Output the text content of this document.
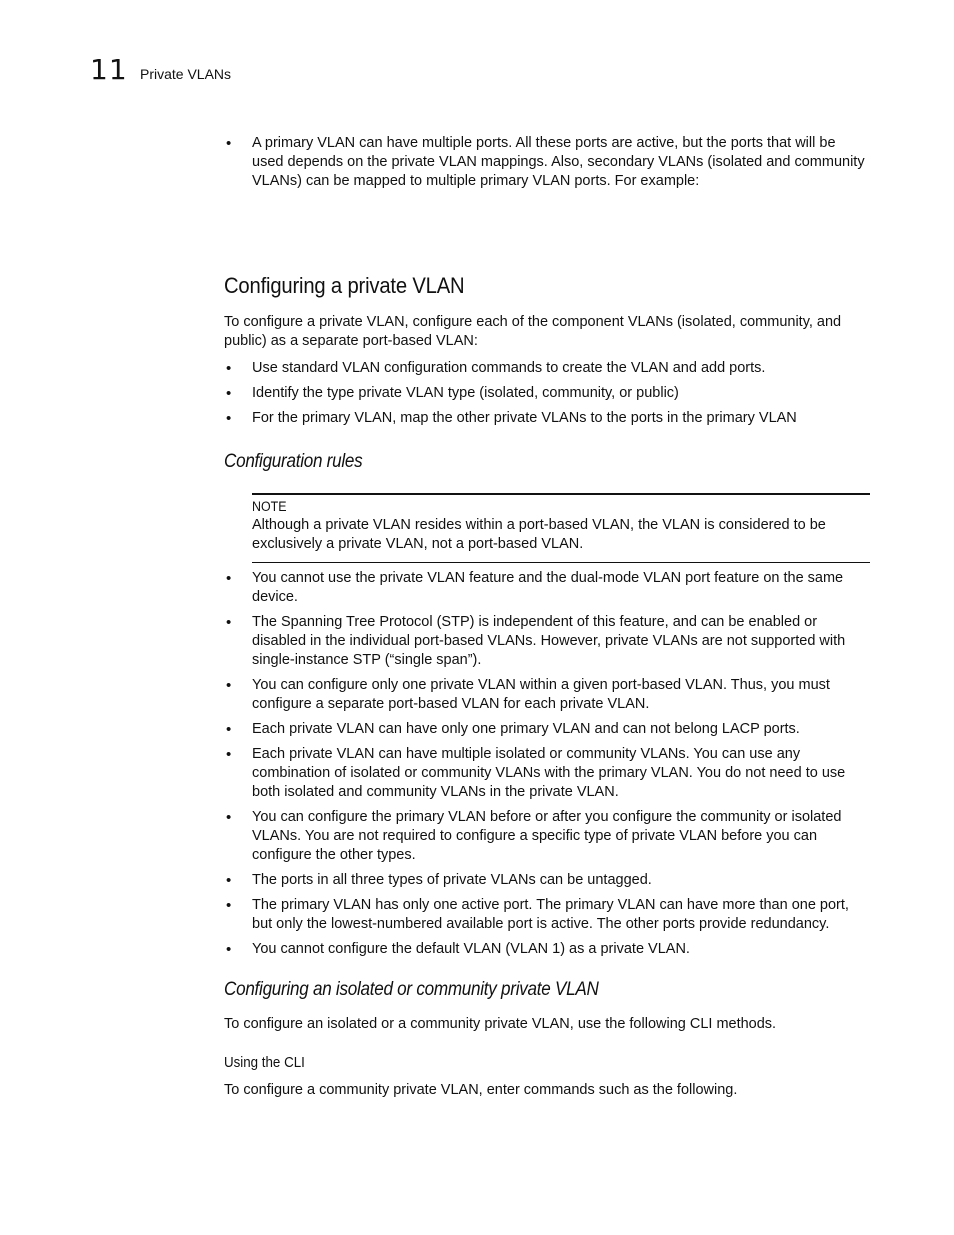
11 Private VLANs
• A primary VLAN can have multiple ports. All these ports are active, but the ports that will be used depends on the private VLAN mappings. Also, secondary VLANs (isolated and community VLANs) can be mapped to multiple primary VLAN ports. For example:
Configuring a private VLAN
To configure a private VLAN, configure each of the component VLANs (isolated, community, and public) as a separate port-based VLAN:
• Use standard VLAN configuration commands to create the VLAN and add ports.
• Identify the type private VLAN type (isolated, community, or public)
• For the primary VLAN, map the other private VLANs to the ports in the primary VLAN
Configuration rules
NOTE
Although a private VLAN resides within a port-based VLAN, the VLAN is considered to be exclusively a private VLAN, not a port-based VLAN.
• You cannot use the private VLAN feature and the dual-mode VLAN port feature on the same device.
• The Spanning Tree Protocol (STP) is independent of this feature, and can be enabled or disabled in the individual port-based VLANs. However, private VLANs are not supported with single-instance STP (“single span”).
• You can configure only one private VLAN within a given port-based VLAN. Thus, you must configure a separate port-based VLAN for each private VLAN.
• Each private VLAN can have only one primary VLAN and can not belong LACP ports.
• Each private VLAN can have multiple isolated or community VLANs. You can use any combination of isolated or community VLANs with the primary VLAN. You do not need to use both isolated and community VLANs in the private VLAN.
• You can configure the primary VLAN before or after you configure the community or isolated VLANs. You are not required to configure a specific type of private VLAN before you can configure the other types.
• The ports in all three types of private VLANs can be untagged.
• The primary VLAN has only one active port. The primary VLAN can have more than one port, but only the lowest-numbered available port is active. The other ports provide redundancy.
• You cannot configure the default VLAN (VLAN 1) as a private VLAN.
Configuring an isolated or community private VLAN
To configure an isolated or a community private VLAN, use the following CLI methods.
Using the CLI
To configure a community private VLAN, enter commands such as the following.
